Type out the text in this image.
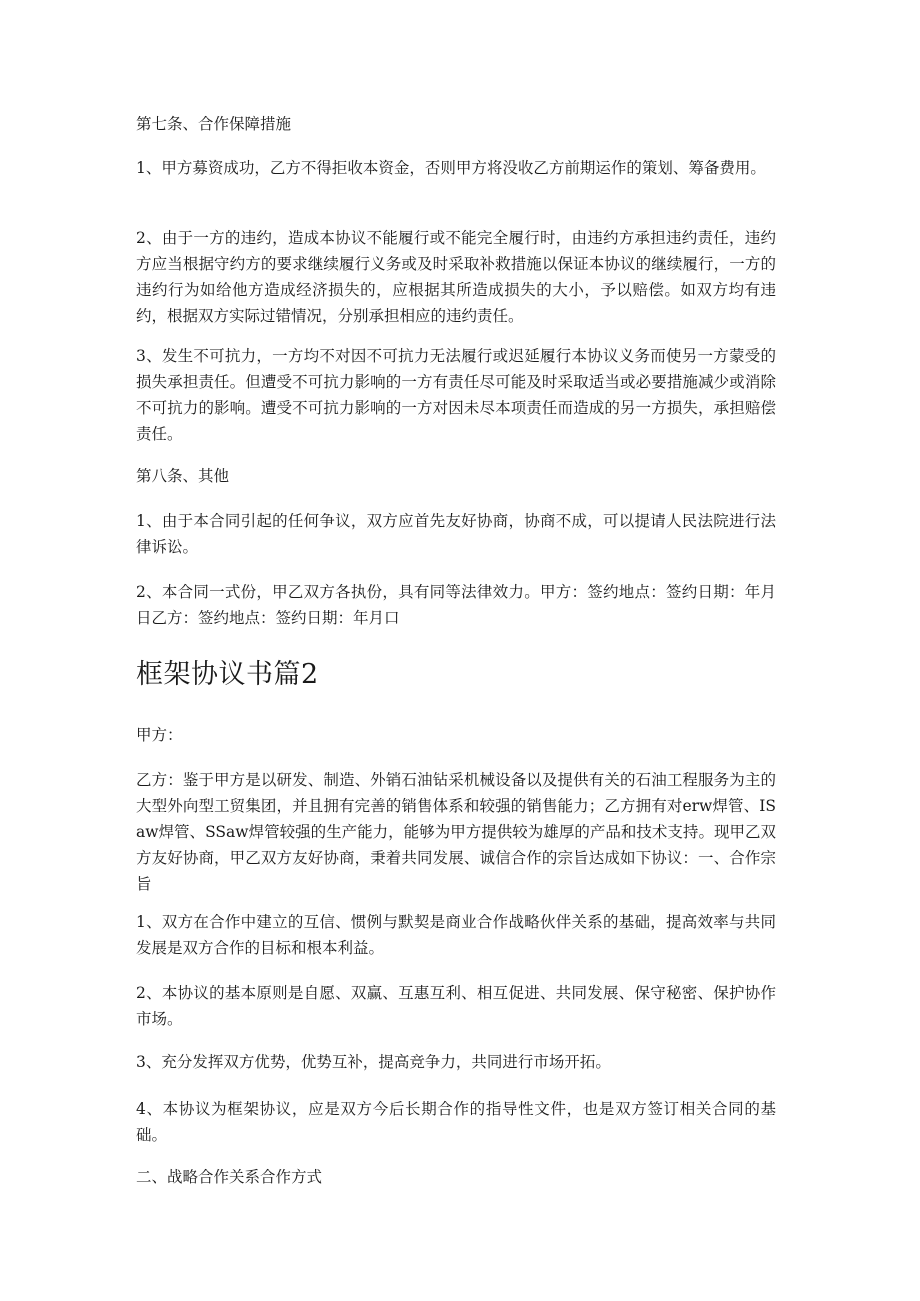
第七条、合作保障措施

1、甲方募资成功，乙方不得拒收本资金，否则甲方将没收乙方前期运作的策划、筹备费用。

2、由于一方的违约，造成本协议不能履行或不能完全履行时，由违约方承担违约责任，违约方应当根据守约方的要求继续履行义务或及时采取补救措施以保证本协议的继续履行，一方的违约行为如给他方造成经济损失的，应根据其所造成损失的大小，予以赔偿。如双方均有违约，根据双方实际过错情况，分别承担相应的违约责任。

3、发生不可抗力，一方均不对因不可抗力无法履行或迟延履行本协议义务而使另一方蒙受的损失承担责任。但遭受不可抗力影响的一方有责任尽可能及时采取适当或必要措施减少或消除不可抗力的影响。遭受不可抗力影响的一方对因未尽本项责任而造成的另一方损失，承担赔偿责任。

第八条、其他

1、由于本合同引起的任何争议，双方应首先友好协商，协商不成，可以提请人民法院进行法律诉讼。

2、本合同一式份，甲乙双方各执份，具有同等法律效力。甲方：签约地点：签约日期：年月日乙方：签约地点：签约日期：年月口

框架协议书篇2

甲方：

乙方：鉴于甲方是以研发、制造、外销石油钻采机械设备以及提供有关的石油工程服务为主的大型外向型工贸集团，并且拥有完善的销售体系和较强的销售能力；乙方拥有对erw焊管、ISaw焊管、SSaw焊管较强的生产能力，能够为甲方提供较为雄厚的产品和技术支持。现甲乙双方友好协商，甲乙双方友好协商，秉着共同发展、诚信合作的宗旨达成如下协议：一、合作宗旨

1、双方在合作中建立的互信、惯例与默契是商业合作战略伙伴关系的基础，提高效率与共同发展是双方合作的目标和根本利益。

2、本协议的基本原则是自愿、双赢、互惠互利、相互促进、共同发展、保守秘密、保护协作市场。

3、充分发挥双方优势，优势互补，提高竞争力，共同进行市场开拓。

4、本协议为框架协议，应是双方今后长期合作的指导性文件，也是双方签订相关合同的基础。

二、战略合作关系合作方式
